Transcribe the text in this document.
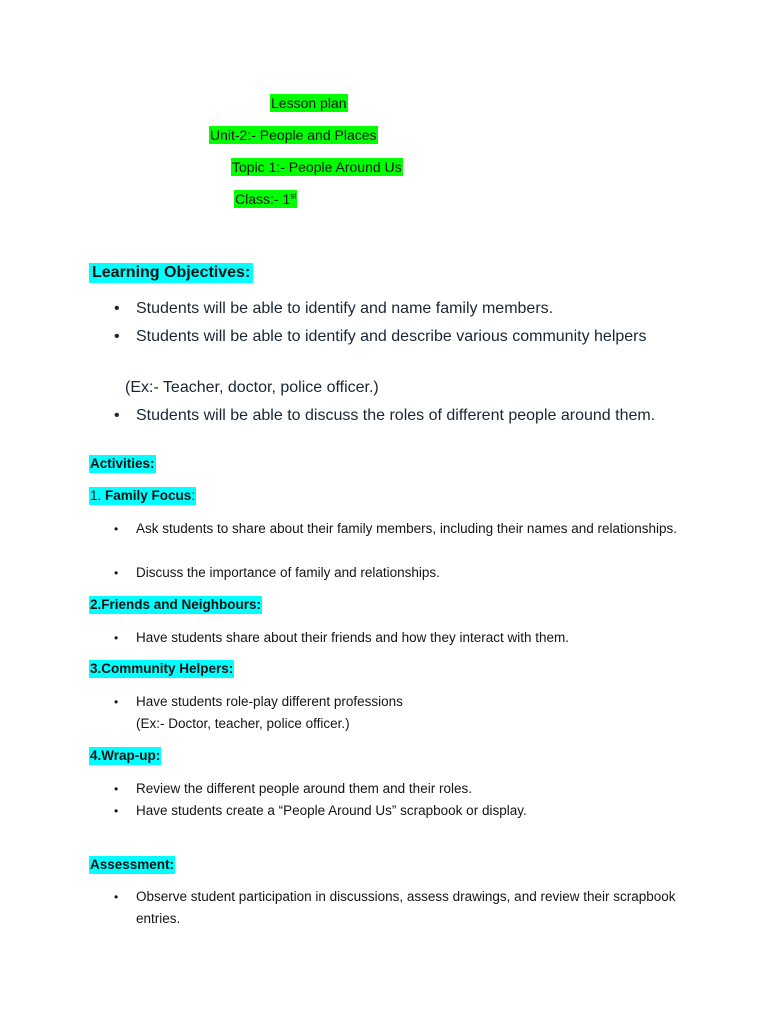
Lesson plan
Unit-2:- People and Places
Topic 1:- People Around Us
Class:- 1st
Learning Objectives:
• Students will be able to identify and name family members.
• Students will be able to identify and describe various community helpers
• Students will be able to discuss the roles of different people around them.
(Ex:- Teacher, doctor, police officer.)
Activities:
1. Family Focus:
• Ask students to share about their family members, including their names and relationships.
• Discuss the importance of family and relationships.
2.Friends and Neighbours:
• Have students share about their friends and how they interact with them.
3.Community Helpers:
• Have students role-play different professions
(Ex:- Doctor, teacher, police officer.)
4.Wrap-up:
• Review the different people around them and their roles.
• Have students create a “People Around Us” scrapbook or display.
Assessment:
• Observe student participation in discussions, assess drawings, and review their scrapbook entries.
